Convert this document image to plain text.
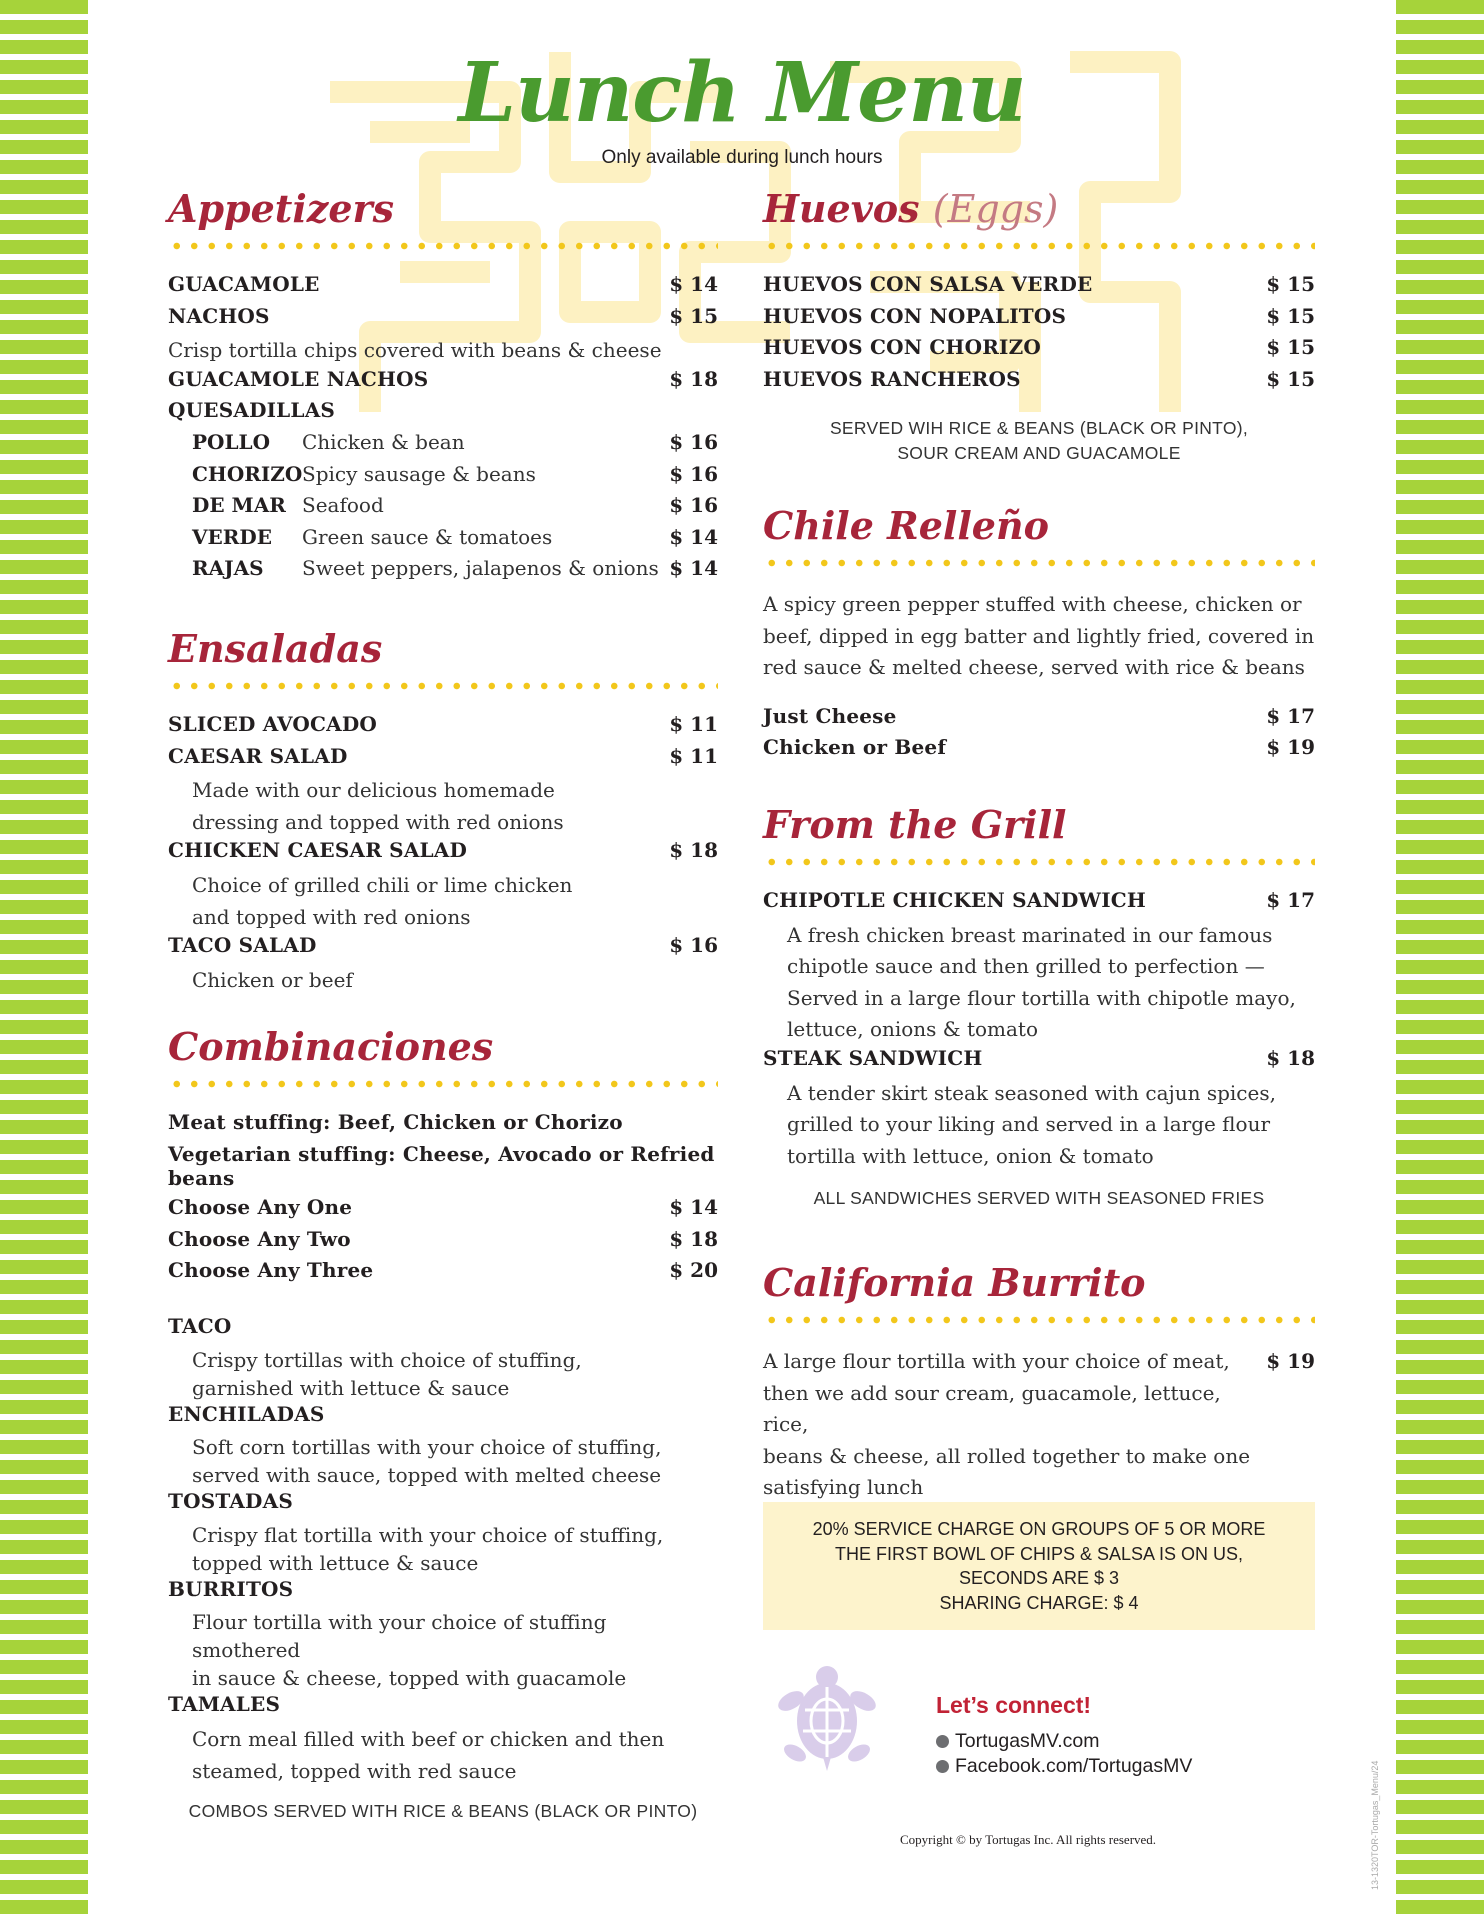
Lunch Menu
Only available during lunch hours
Appetizers
GUACAMOLE	$ 14
NACHOS	$ 15
Crisp tortilla chips covered with beans & cheese
GUACAMOLE NACHOS	$ 18
QUESADILLAS
POLLO	Chicken & bean	$ 16
CHORIZO Spicy sausage & beans	$ 16
DE MAR Seafood	$ 16
VERDE	Green sauce & tomatoes	$ 14
RAJAS	Sweet peppers, jalapenos & onions $ 14
Ensaladas
SLICED AVOCADO	$ 11
CAESAR SALAD	$ 11
Made with our delicious homemade
dressing and topped with red onions
CHICKEN CAESAR SALAD	$ 18
Choice of grilled chili or lime chicken
and topped with red onions
TACO SALAD	$ 16
Chicken or beef
Combinaciones
Meat stuffing: Beef, Chicken or Chorizo
Vegetarian stuffing: Cheese, Avocado or Refried beans
Choose Any One	$ 14
Choose Any Two	$ 18
Choose Any Three	$ 20
TACO
Crispy tortillas with choice of stuffing,
garnished with lettuce & sauce
ENCHILADAS
Soft corn tortillas with your choice of stuffing,
served with sauce, topped with melted cheese
TOSTADAS
Crispy flat tortilla with your choice of stuffing,
topped with lettuce & sauce
BURRITOS
Flour tortilla with your choice of stuffing smothered
in sauce & cheese, topped with guacamole
TAMALES
Corn meal filled with beef or chicken and then
steamed, topped with red sauce
COMBOS SERVED WITH RICE & BEANS (BLACK OR PINTO)
Huevos (Eggs)
HUEVOS CON SALSA VERDE	$ 15
HUEVOS CON NOPALITOS	$ 15
HUEVOS CON CHORIZO	$ 15
HUEVOS RANCHEROS	$ 15
SERVED WIH RICE & BEANS (BLACK OR PINTO),
SOUR CREAM AND GUACAMOLE
Chile Relleño
A spicy green pepper stuffed with cheese, chicken or
beef, dipped in egg batter and lightly fried, covered in
red sauce & melted cheese, served with rice & beans
Just Cheese	$ 17
Chicken or Beef	$ 19
From the Grill
CHIPOTLE CHICKEN SANDWICH	$ 17
A fresh chicken breast marinated in our famous
chipotle sauce and then grilled to perfection —
Served in a large flour tortilla with chipotle mayo,
lettuce, onions & tomato
STEAK SANDWICH	$ 18
A tender skirt steak seasoned with cajun spices,
grilled to your liking and served in a large flour
tortilla with lettuce, onion & tomato
ALL SANDWICHES SERVED WITH SEASONED FRIES
California Burrito
A large flour tortilla with your choice of meat,
then we add sour cream, guacamole, lettuce, rice,
beans & cheese, all rolled together to make one
satisfying lunch
$ 19
20% SERVICE CHARGE ON GROUPS OF 5 OR MORE
THE FIRST BOWL OF CHIPS & SALSA IS ON US,
SECONDS ARE $ 3
SHARING CHARGE: $ 4
Let’s connect!
TortugasMV.com
Facebook.com/TortugasMV
Copyright © by Tortugas Inc. All rights reserved.	13-1320TOR-Tortugas_Menu/24
